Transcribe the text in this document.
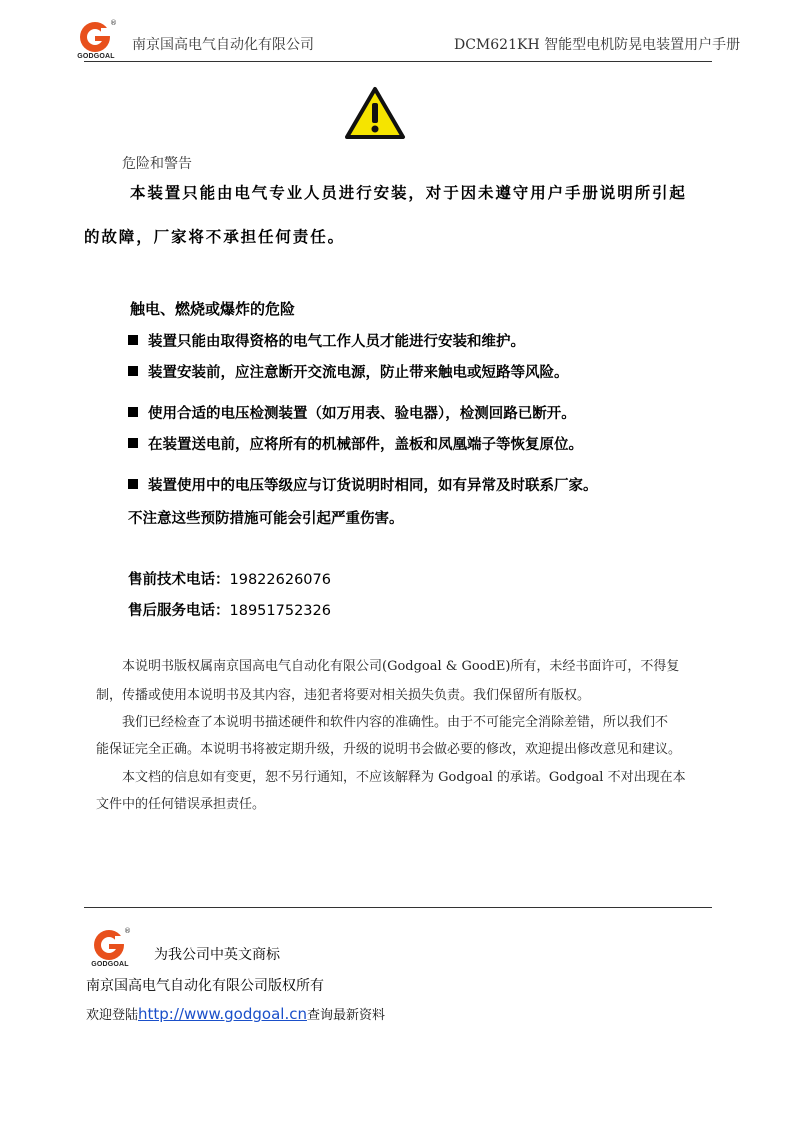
®
GODGOAL
南京国高电气自动化有限公司	DCM621KH 智能型电机防晃电装置用户手册
危险和警告
本装置只能由电气专业人员进行安装，对于因未遵守用户手册说明所引起
的故障，厂家将不承担任何责任。
触电、燃烧或爆炸的危险
装置只能由取得资格的电气工作人员才能进行安装和维护。
装置安装前，应注意断开交流电源，防止带来触电或短路等风险。
使用合适的电压检测装置（如万用表、验电器），检测回路已断开。
在装置送电前，应将所有的机械部件，盖板和凤凰端子等恢复原位。
装置使用中的电压等级应与订货说明时相同，如有异常及时联系厂家。
不注意这些预防措施可能会引起严重伤害。
售前技术电话：19822626076
售后服务电话：18951752326
本说明书版权属南京国高电气自动化有限公司(Godgoal & GoodE)所有，未经书面许可，不得复
制，传播或使用本说明书及其内容，违犯者将要对相关损失负责。我们保留所有版权。
我们已经检查了本说明书描述硬件和软件内容的准确性。由于不可能完全消除差错，所以我们不
能保证完全正确。本说明书将被定期升级，升级的说明书会做必要的修改，欢迎提出修改意见和建议。
本文档的信息如有变更，恕不另行通知，不应该解释为 Godgoal 的承诺。Godgoal 不对出现在本
文件中的任何错误承担责任。
®
GODGOAL
为我公司中英文商标
南京国高电气自动化有限公司版权所有
欢迎登陆http://www.godgoal.cn查询最新资料
